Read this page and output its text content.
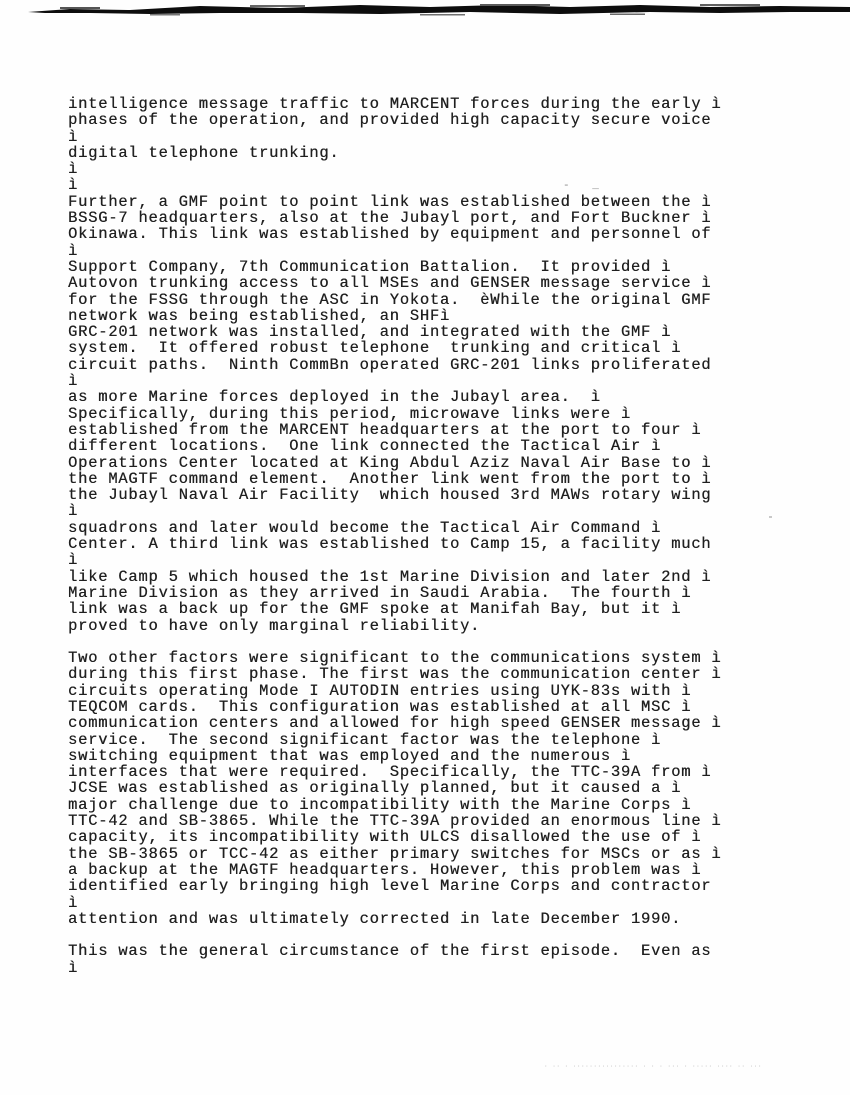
- _
intelligence message traffic to MARCENT forces during the early ì
phases of the operation, and provided high capacity secure voice
ì
digital telephone trunking.
ì
ì
Further, a GMF point to point link was established between the ì
BSSG-7 headquarters, also at the Jubayl port, and Fort Buckner ì
Okinawa. This link was established by equipment and personnel of
ì
Support Company, 7th Communication Battalion.  It provided ì
Autovon trunking access to all MSEs and GENSER message service ì
for the FSSG through the ASC in Yokota.  èWhile the original GMF
network was being established, an SHFì
GRC-201 network was installed, and integrated with the GMF ì
system.  It offered robust telephone  trunking and critical ì
circuit paths.  Ninth CommBn operated GRC-201 links proliferated
ì
as more Marine forces deployed in the Jubayl area.  ì
Specifically, during this period, microwave links were ì
established from the MARCENT headquarters at the port to four ì
different locations.  One link connected the Tactical Air ì
Operations Center located at King Abdul Aziz Naval Air Base to ì
the MAGTF command element.  Another link went from the port to ì
the Jubayl Naval Air Facility  which housed 3rd MAWs rotary wing
ì
squadrons and later would become the Tactical Air Command ì
Center. A third link was established to Camp 15, a facility much
ì
like Camp 5 which housed the 1st Marine Division and later 2nd ì
Marine Division as they arrived in Saudi Arabia.  The fourth ì
link was a back up for the GMF spoke at Manifah Bay, but it ì
proved to have only marginal reliability.

Two other factors were significant to the communications system ì
during this first phase. The first was the communication center ì
circuits operating Mode I AUTODIN entries using UYK-83s with ì
TEQCOM cards.  This configuration was established at all MSC ì
communication centers and allowed for high speed GENSER message ì
service.  The second significant factor was the telephone ì
switching equipment that was employed and the numerous ì
interfaces that were required.  Specifically, the TTC-39A from ì
JCSE was established as originally planned, but it caused a ì
major challenge due to incompatibility with the Marine Corps ì
TTC-42 and SB-3865. While the TTC-39A provided an enormous line ì
capacity, its incompatibility with ULCS disallowed the use of ì
the SB-3865 or TCC-42 as either primary switches for MSCs or as ì
a backup at the MAGTF headquarters. However, this problem was ì
identified early bringing high level Marine Corps and contractor
ì
attention and was ultimately corrected in late December 1990.

This was the general circumstance of the first episode.  Even as
ì
· ·· · ················ · · · ··· · ····· ···· ·· ···
